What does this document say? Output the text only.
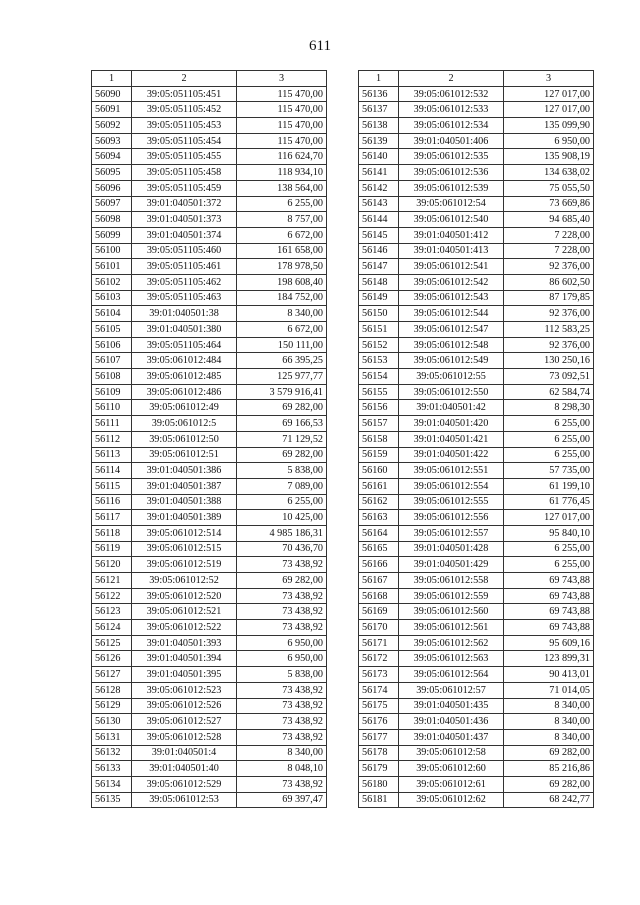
611
1	2	3
56090	39:05:051105:451	115 470,00
56091	39:05:051105:452	115 470,00
56092	39:05:051105:453	115 470,00
56093	39:05:051105:454	115 470,00
56094	39:05:051105:455	116 624,70
56095	39:05:051105:458	118 934,10
56096	39:05:051105:459	138 564,00
56097	39:01:040501:372	6 255,00
56098	39:01:040501:373	8 757,00
56099	39:01:040501:374	6 672,00
56100	39:05:051105:460	161 658,00
56101	39:05:051105:461	178 978,50
56102	39:05:051105:462	198 608,40
56103	39:05:051105:463	184 752,00
56104	39:01:040501:38	8 340,00
56105	39:01:040501:380	6 672,00
56106	39:05:051105:464	150 111,00
56107	39:05:061012:484	66 395,25
56108	39:05:061012:485	125 977,77
56109	39:05:061012:486	3 579 916,41
56110	39:05:061012:49	69 282,00
56111	39:05:061012:5	69 166,53
56112	39:05:061012:50	71 129,52
56113	39:05:061012:51	69 282,00
56114	39:01:040501:386	5 838,00
56115	39:01:040501:387	7 089,00
56116	39:01:040501:388	6 255,00
56117	39:01:040501:389	10 425,00
56118	39:05:061012:514	4 985 186,31
56119	39:05:061012:515	70 436,70
56120	39:05:061012:519	73 438,92
56121	39:05:061012:52	69 282,00
56122	39:05:061012:520	73 438,92
56123	39:05:061012:521	73 438,92
56124	39:05:061012:522	73 438,92
56125	39:01:040501:393	6 950,00
56126	39:01:040501:394	6 950,00
56127	39:01:040501:395	5 838,00
56128	39:05:061012:523	73 438,92
56129	39:05:061012:526	73 438,92
56130	39:05:061012:527	73 438,92
56131	39:05:061012:528	73 438,92
56132	39:01:040501:4	8 340,00
56133	39:01:040501:40	8 048,10
56134	39:05:061012:529	73 438,92
56135	39:05:061012:53	69 397,47
1	2	3
56136	39:05:061012:532	127 017,00
56137	39:05:061012:533	127 017,00
56138	39:05:061012:534	135 099,90
56139	39:01:040501:406	6 950,00
56140	39:05:061012:535	135 908,19
56141	39:05:061012:536	134 638,02
56142	39:05:061012:539	75 055,50
56143	39:05:061012:54	73 669,86
56144	39:05:061012:540	94 685,40
56145	39:01:040501:412	7 228,00
56146	39:01:040501:413	7 228,00
56147	39:05:061012:541	92 376,00
56148	39:05:061012:542	86 602,50
56149	39:05:061012:543	87 179,85
56150	39:05:061012:544	92 376,00
56151	39:05:061012:547	112 583,25
56152	39:05:061012:548	92 376,00
56153	39:05:061012:549	130 250,16
56154	39:05:061012:55	73 092,51
56155	39:05:061012:550	62 584,74
56156	39:01:040501:42	8 298,30
56157	39:01:040501:420	6 255,00
56158	39:01:040501:421	6 255,00
56159	39:01:040501:422	6 255,00
56160	39:05:061012:551	57 735,00
56161	39:05:061012:554	61 199,10
56162	39:05:061012:555	61 776,45
56163	39:05:061012:556	127 017,00
56164	39:05:061012:557	95 840,10
56165	39:01:040501:428	6 255,00
56166	39:01:040501:429	6 255,00
56167	39:05:061012:558	69 743,88
56168	39:05:061012:559	69 743,88
56169	39:05:061012:560	69 743,88
56170	39:05:061012:561	69 743,88
56171	39:05:061012:562	95 609,16
56172	39:05:061012:563	123 899,31
56173	39:05:061012:564	90 413,01
56174	39:05:061012:57	71 014,05
56175	39:01:040501:435	8 340,00
56176	39:01:040501:436	8 340,00
56177	39:01:040501:437	8 340,00
56178	39:05:061012:58	69 282,00
56179	39:05:061012:60	85 216,86
56180	39:05:061012:61	69 282,00
56181	39:05:061012:62	68 242,77
